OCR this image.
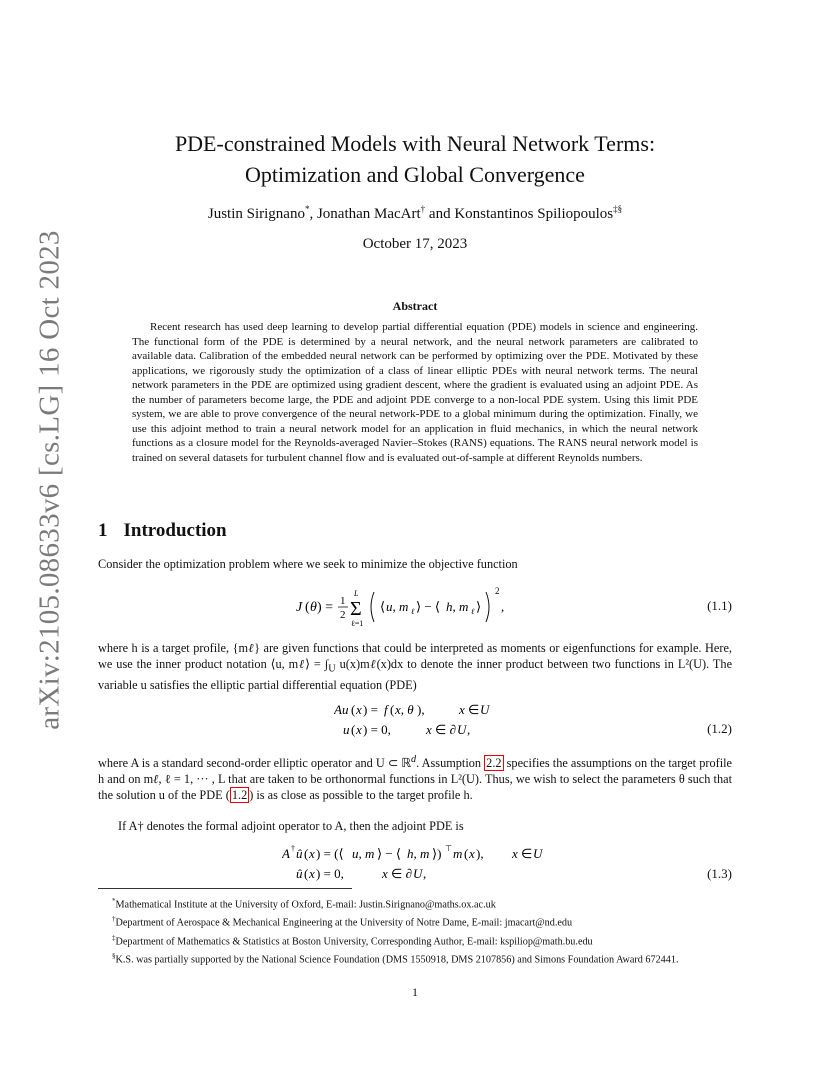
arXiv:2105.08633v6 [cs.LG] 16 Oct 2023
PDE-constrained Models with Neural Network Terms:
Optimization and Global Convergence
Justin Sirignano*, Jonathan MacArt† and Konstantinos Spiliopoulos‡§
October 17, 2023
Abstract
Recent research has used deep learning to develop partial differential equation (PDE) models in science and engineering. The functional form of the PDE is determined by a neural network, and the neural network parameters are calibrated to available data. Calibration of the embedded neural network can be performed by optimizing over the PDE. Motivated by these applications, we rigorously study the optimization of a class of linear elliptic PDEs with neural network terms. The neural network parameters in the PDE are optimized using gradient descent, where the gradient is evaluated using an adjoint PDE. As the number of parameters become large, the PDE and adjoint PDE converge to a non-local PDE system. Using this limit PDE system, we are able to prove convergence of the neural network-PDE to a global minimum during the optimization. Finally, we use this adjoint method to train a neural network model for an application in fluid mechanics, in which the neural network functions as a closure model for the Reynolds-averaged Navier–Stokes (RANS) equations. The RANS neural network model is trained on several datasets for turbulent channel flow and is evaluated out-of-sample at different Reynolds numbers.
1 Introduction
Consider the optimization problem where we seek to minimize the objective function
J ( θ ) = 1
2
L
Σ
ℓ=1
⟨ u, m ℓ ⟩ − ⟨ h, m ℓ ⟩
2
,	(1.1)
where h is a target profile, {mℓ} are given functions that could be interpreted as moments or eigenfunctions for example. Here, we use the inner product notation ⟨u, mℓ⟩ = $\int_U$ u(x)mℓ(x)dx to denote the inner product between two functions in L²(U). The variable u satisfies the elliptic partial differential equation (PDE)
Au ( x ) = f ( x, θ ),	x ∈ U
u ( x ) = 0,	x ∈ ∂ U ,	(1.2)
where A is a standard second-order elliptic operator and U ⊂ ℝ$^d$. Assumption 2.2 specifies the assumptions on the target profile h and on mℓ, ℓ = 1, ··· , L that are taken to be orthonormal functions in L²(U). Thus, we wish to select the parameters θ such that the solution u of the PDE ( 1.2 ) is as close as possible to the target profile h.
If A† denotes the formal adjoint operator to A, then the adjoint PDE is
A † û ( x ) = (⟨ u, m ⟩ − ⟨ h, m ⟩) ⊤ m ( x ), x ∈ U
û ( x ) = 0,	x ∈ ∂ U ,	(1.3)
*Mathematical Institute at the University of Oxford, E-mail: Justin.Sirignano@maths.ox.ac.uk
†Department of Aerospace & Mechanical Engineering at the University of Notre Dame, E-mail: jmacart@nd.edu
‡Department of Mathematics & Statistics at Boston University, Corresponding Author, E-mail: kspiliop@math.bu.edu
§K.S. was partially supported by the National Science Foundation (DMS 1550918, DMS 2107856) and Simons Foundation Award 672441.
1
